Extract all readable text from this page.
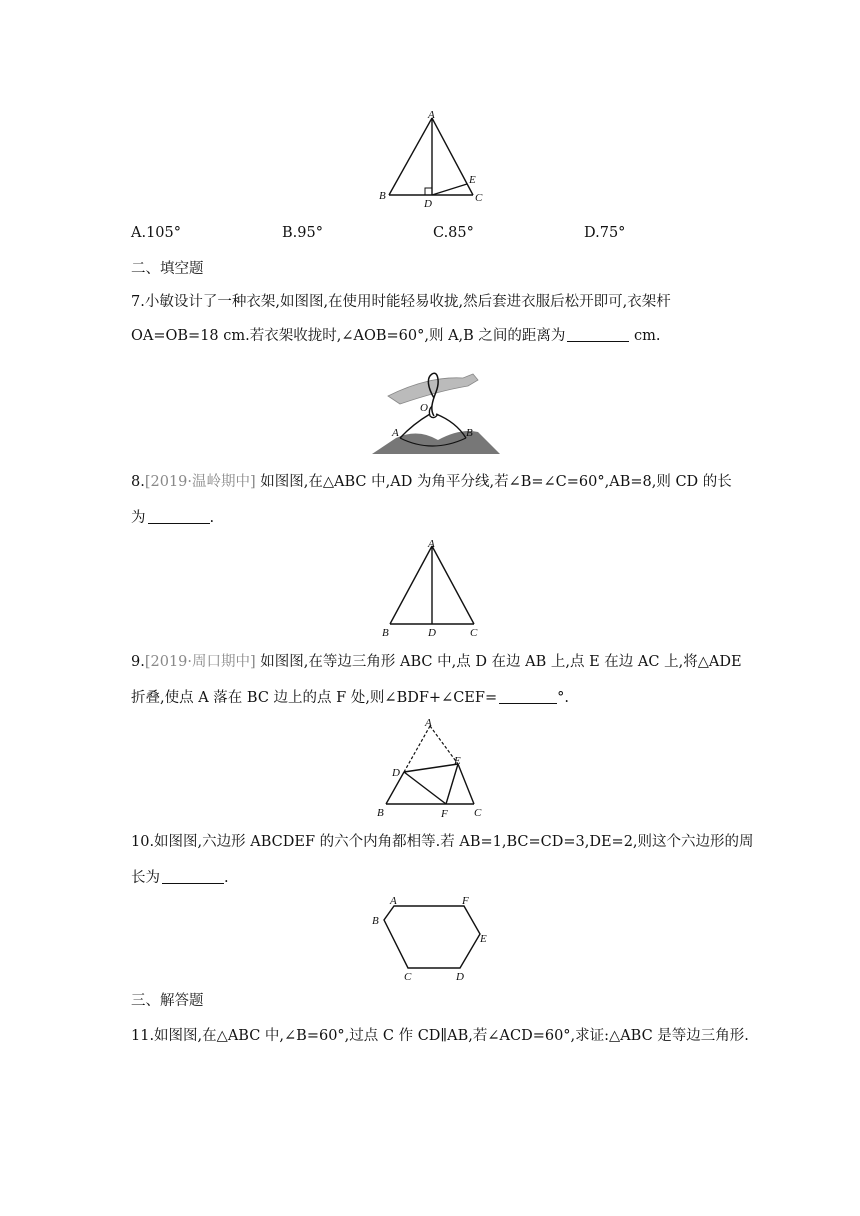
A
B	C
D
E
A.105°	B.95°	C.85°	D.75°
二、填空题
7.小敏设计了一种衣架,如图图,在使用时能轻易收拢,然后套进衣服后松开即可,衣架杆
OA=OB=18 cm.若衣架收拢时,∠AOB=60°,则 A,B 之间的距离为	cm.
O
A	B
8.[2019·温岭期中] 如图图,在△ABC 中,AD 为角平分线,若∠B=∠C=60°,AB=8,则 CD 的长
为	.
A
B	D	C
9.[2019·周口期中] 如图图,在等边三角形 ABC 中,点 D 在边 AB 上,点 E 在边 AC 上,将△ADE
折叠,使点 A 落在 BC 边上的点 F 处,则∠BDF+∠CEF=	°.
A
D
E
B	F C
10.如图图,六边形 ABCDEF 的六个内角都相等.若 AB=1,BC=CD=3,DE=2,则这个六边形的周
长为	.
A	F
B
E
C	D
三、解答题
11.如图图,在△ABC 中,∠B=60°,过点 C 作 CD∥AB,若∠ACD=60°,求证:△ABC 是等边三角形.
